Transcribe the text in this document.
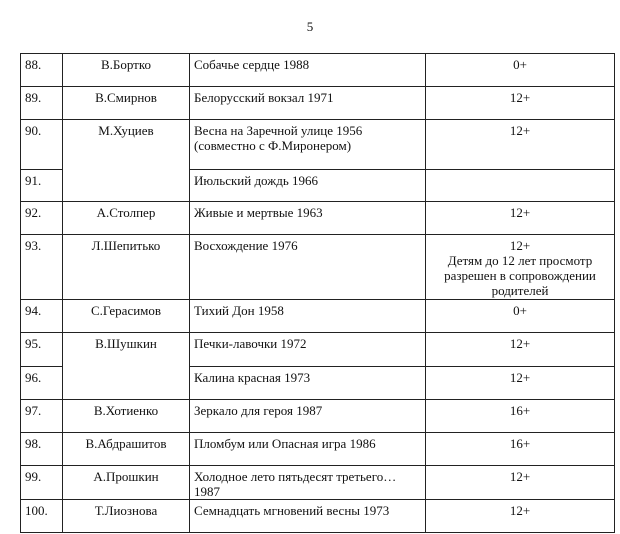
5
88.	В.Бортко	Собачье сердце 1988	0+
89.	В.Смирнов	Белорусский вокзал 1971	12+
90.	М.Хуциев	Весна на Заречной улице 1956 (совместно с Ф.Миронером)	12+
91.		Июльский дождь 1966	
92.	А.Столпер	Живые и мертвые 1963	12+
93.	Л.Шепитько	Восхождение 1976	12+
Детям до 12 лет просмотр разрешен в сопровождении родителей

94.	С.Герасимов	Тихий Дон 1958	0+
95.	В.Шушкин	Печки-лавочки 1972	12+
96.		Калина красная 1973	12+
97.	В.Хотиенко	Зеркало для героя 1987	16+
98.	В.Абдрашитов	Пломбум или Опасная игра 1986	16+
99.	А.Прошкин	Холодное лето пятьдесят третьего…1987	12+
100.	Т.Лиознова	Семнадцать мгновений весны 1973	12+
